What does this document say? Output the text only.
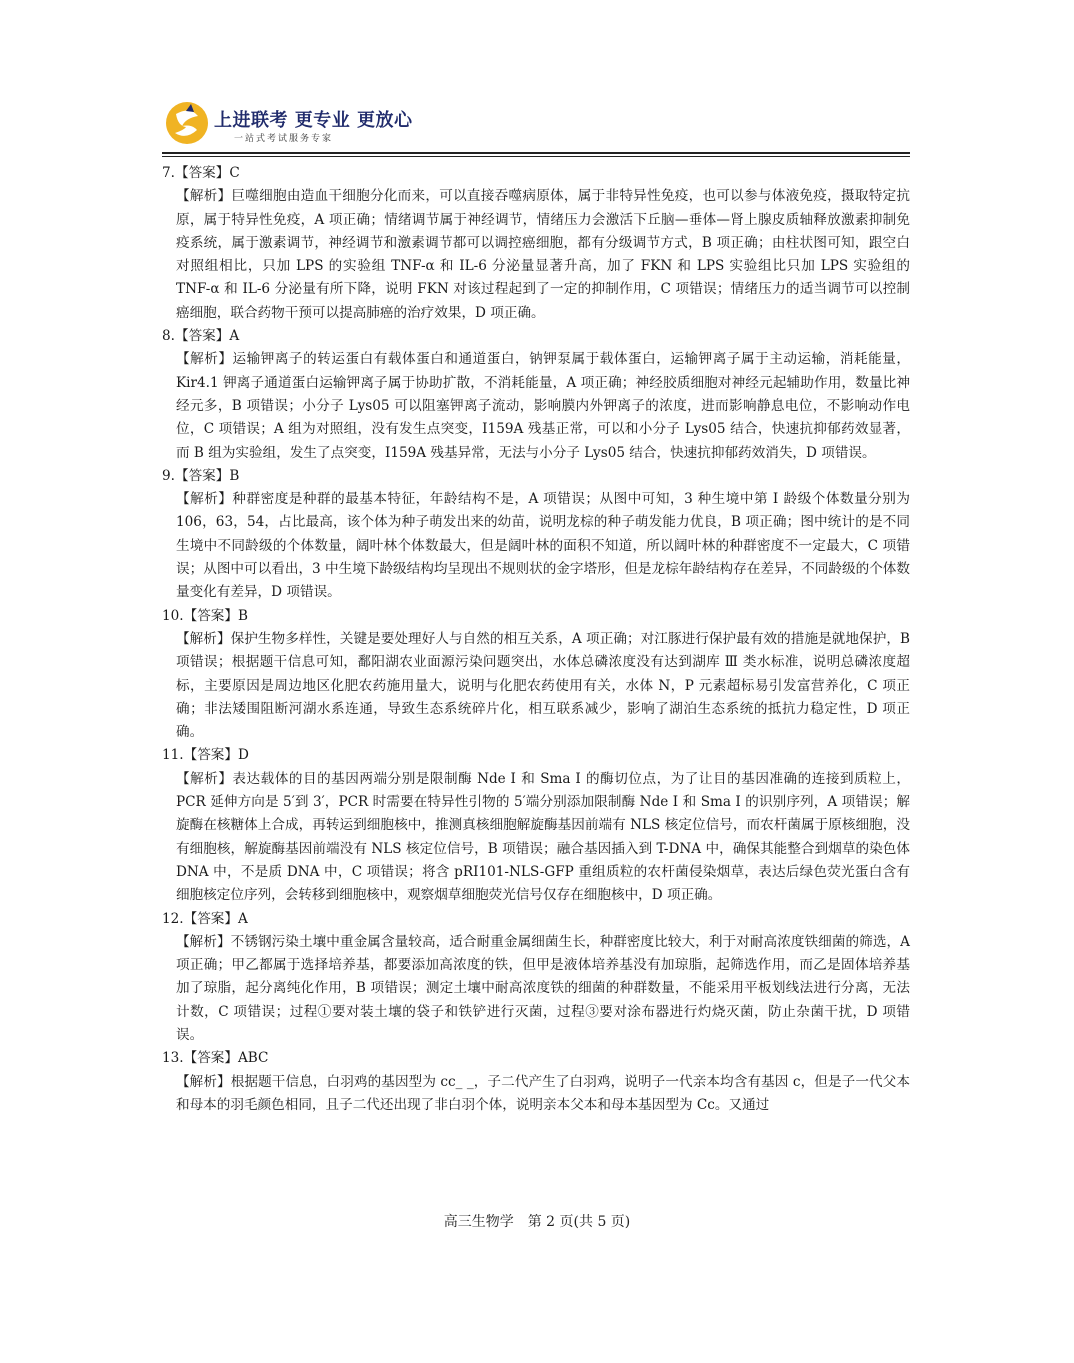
上进联考 更专业 更放心
一站式考试服务专家

7.【答案】C

【解析】巨噬细胞由造血干细胞分化而来，可以直接吞噬病原体，属于非特异性免疫，也可以参与体液免疫，摄取特定抗原，属于特异性免疫，A 项正确；情绪调节属于神经调节，情绪压力会激活下丘脑—垂体—肾上腺皮质轴释放激素抑制免疫系统，属于激素调节，神经调节和激素调节都可以调控癌细胞，都有分级调节方式，B 项正确；由柱状图可知，跟空白对照组相比，只加 LPS 的实验组 TNF-α 和 IL-6 分泌量显著升高，加了 FKN 和 LPS 实验组比只加 LPS 实验组的 TNF-α 和 IL-6 分泌量有所下降，说明 FKN 对该过程起到了一定的抑制作用，C 项错误；情绪压力的适当调节可以控制癌细胞，联合药物干预可以提高肺癌的治疗效果，D 项正确。

8.【答案】A

【解析】运输钾离子的转运蛋白有载体蛋白和通道蛋白，钠钾泵属于载体蛋白，运输钾离子属于主动运输，消耗能量，Kir4.1 钾离子通道蛋白运输钾离子属于协助扩散，不消耗能量，A 项正确；神经胶质细胞对神经元起辅助作用，数量比神经元多，B 项错误；小分子 Lys05 可以阻塞钾离子流动，影响膜内外钾离子的浓度，进而影响静息电位，不影响动作电位，C 项错误；A 组为对照组，没有发生点突变，I159A 残基正常，可以和小分子 Lys05 结合，快速抗抑郁药效显著，而 B 组为实验组，发生了点突变，I159A 残基异常，无法与小分子 Lys05 结合，快速抗抑郁药效消失，D 项错误。

9.【答案】B

【解析】种群密度是种群的最基本特征，年龄结构不是，A 项错误；从图中可知，3 种生境中第 Ⅰ 龄级个体数量分别为 106，63，54，占比最高，该个体为种子萌发出来的幼苗，说明龙棕的种子萌发能力优良，B 项正确；图中统计的是不同生境中不同龄级的个体数量，阔叶林个体数最大，但是阔叶林的面积不知道，所以阔叶林的种群密度不一定最大，C 项错误；从图中可以看出，3 中生境下龄级结构均呈现出不规则状的金字塔形，但是龙棕年龄结构存在差异，不同龄级的个体数量变化有差异，D 项错误。

10.【答案】B

【解析】保护生物多样性，关键是要处理好人与自然的相互关系，A 项正确；对江豚进行保护最有效的措施是就地保护，B 项错误；根据题干信息可知，鄱阳湖农业面源污染问题突出，水体总磷浓度没有达到湖库 Ⅲ 类水标准，说明总磷浓度超标，主要原因是周边地区化肥农药施用量大，说明与化肥农药使用有关，水体 N，P 元素超标易引发富营养化，C 项正确；非法矮围阻断河湖水系连通，导致生态系统碎片化，相互联系减少，影响了湖泊生态系统的抵抗力稳定性，D 项正确。

11.【答案】D

【解析】表达载体的目的基因两端分别是限制酶 Nde Ⅰ 和 Sma Ⅰ 的酶切位点，为了让目的基因准确的连接到质粒上，PCR 延伸方向是 5′到 3′，PCR 时需要在特异性引物的 5′端分别添加限制酶 Nde Ⅰ 和 Sma Ⅰ 的识别序列，A 项错误；解旋酶在核糖体上合成，再转运到细胞核中，推测真核细胞解旋酶基因前端有 NLS 核定位信号，而农杆菌属于原核细胞，没有细胞核，解旋酶基因前端没有 NLS 核定位信号，B 项错误；融合基因插入到 T-DNA 中，确保其能整合到烟草的染色体 DNA 中，不是质 DNA 中，C 项错误；将含 pRI101-NLS-GFP 重组质粒的农杆菌侵染烟草，表达后绿色荧光蛋白含有细胞核定位序列，会转移到细胞核中，观察烟草细胞荧光信号仅存在细胞核中，D 项正确。

12.【答案】A

【解析】不锈钢污染土壤中重金属含量较高，适合耐重金属细菌生长，种群密度比较大，利于对耐高浓度铁细菌的筛选，A 项正确；甲乙都属于选择培养基，都要添加高浓度的铁，但甲是液体培养基没有加琼脂，起筛选作用，而乙是固体培养基加了琼脂，起分离纯化作用，B 项错误；测定土壤中耐高浓度铁的细菌的种群数量，不能采用平板划线法进行分离，无法计数，C 项错误；过程①要对装土壤的袋子和铁铲进行灭菌，过程③要对涂布器进行灼烧灭菌，防止杂菌干扰，D 项错误。

13.【答案】ABC

【解析】根据题干信息，白羽鸡的基因型为 cc_ _，子二代产生了白羽鸡，说明子一代亲本均含有基因 c，但是子一代父本和母本的羽毛颜色相同，且子二代还出现了非白羽个体，说明亲本父本和母本基因型为 Cc。又通过

高三生物学　第 2 页(共 5 页)
